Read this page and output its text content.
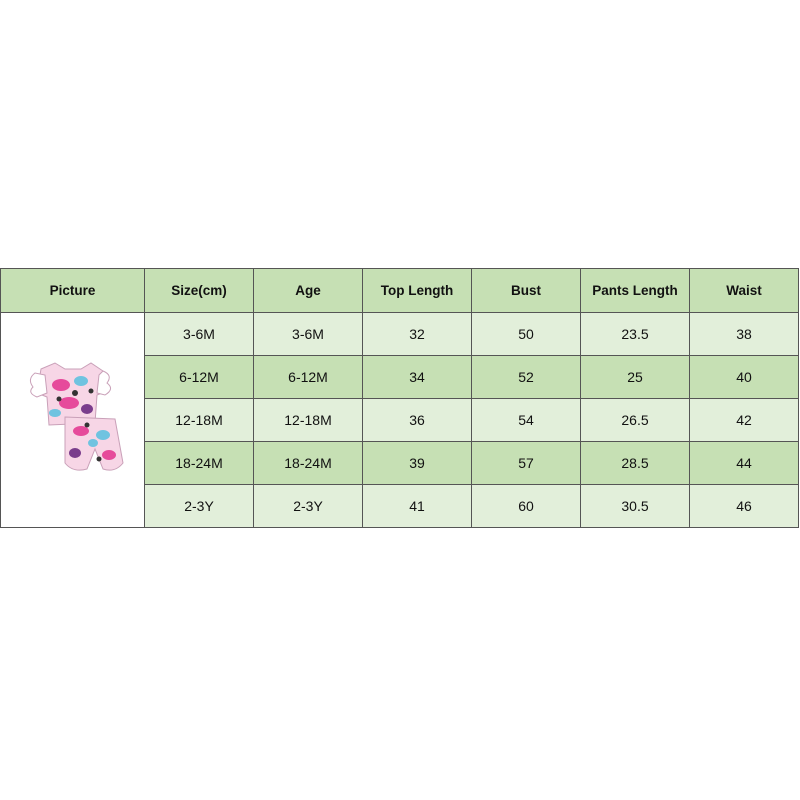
Picture	Size(cm)	Age	Top Length	Bust	Pants Length	Waist

	3-6M	3-6M	32	50	23.5	38
	6-12M	6-12M	34	52	25	40
	12-18M	12-18M	36	54	26.5	42
	18-24M	18-24M	39	57	28.5	44
	2-3Y	2-3Y	41	60	30.5	46
